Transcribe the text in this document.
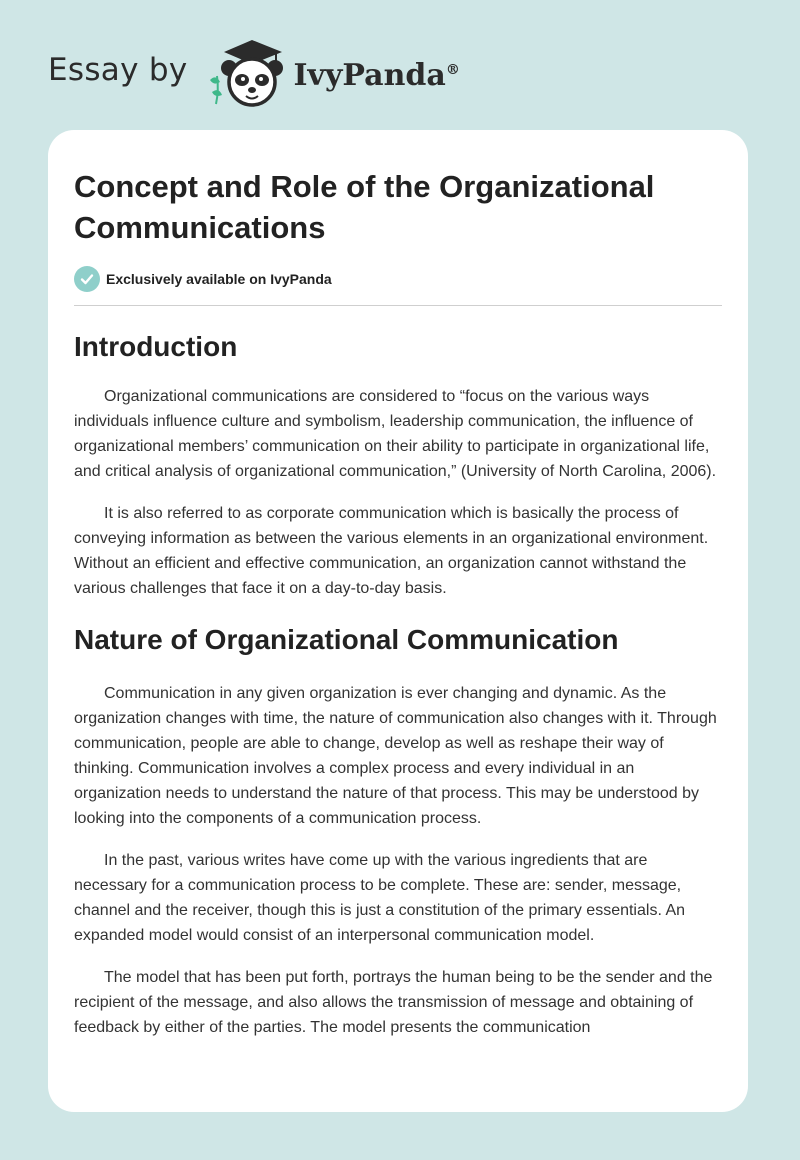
Essay by	IvyPanda®
Concept and Role of the Organizational Communications
Exclusively available on IvyPanda
Introduction

Organizational communications are considered to “focus on the various ways individuals influence culture and symbolism, leadership communication, the influence of organizational members’ communication on their ability to participate in organizational life, and critical analysis of organizational communication,” (University of North Carolina, 2006).

It is also referred to as corporate communication which is basically the process of conveying information as between the various elements in an organizational environment. Without an efficient and effective communication, an organization cannot withstand the various challenges that face it on a day-to-day basis.

Nature of Organizational Communication

Communication in any given organization is ever changing and dynamic. As the organization changes with time, the nature of communication also changes with it. Through communication, people are able to change, develop as well as reshape their way of thinking. Communication involves a complex process and every individual in an organization needs to understand the nature of that process. This may be understood by looking into the components of a communication process.

In the past, various writes have come up with the various ingredients that are necessary for a communication process to be complete. These are: sender, message, channel and the receiver, though this is just a constitution of the primary essentials. An expanded model would consist of an interpersonal communication model.

The model that has been put forth, portrays the human being to be the sender and the recipient of the message, and also allows the transmission of message and obtaining of feedback by either of the parties. The model presents the communication
